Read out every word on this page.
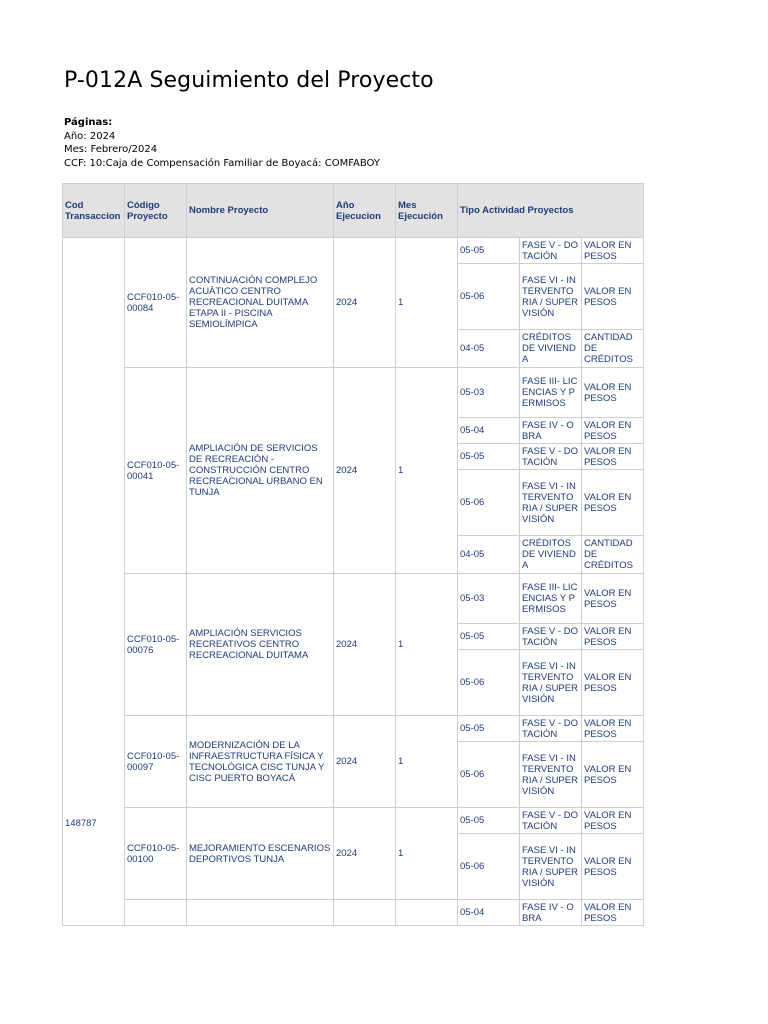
P-012A Seguimiento del Proyecto
Páginas:
Año: 2024
Mes: Febrero/2024
CCF: 10:Caja de Compensación Familiar de Boyacá: COMFABOY
Cod Transaccion	Código Proyecto	Nombre Proyecto	Año Ejecucion	Mes Ejecución	Tipo Actividad Proyectos		
148787	CCF010-05-00084	CONTINUACIÓN COMPLEJO ACUÁTICO CENTRO RECREACIONAL DUITAMA ETAPA II - PISCINA SEMIOLÍMPICA	2024	1	05-05	FASE V - DOTACIÓN	VALOR EN PESOS
					05-06	FASE VI - INTERVENTORIA / SUPERVISIÓN	VALOR EN PESOS
					04-05	CRÉDITOS DE VIVIENDA	CANTIDAD DE CRÉDITOS
	CCF010-05-00041	AMPLIACIÓN DE SERVICIOS DE RECREACIÓN - CONSTRUCCIÓN CENTRO RECREACIONAL URBANO EN TUNJA	2024	1	05-03	FASE III- LICENCIAS Y PERMISOS	VALOR EN PESOS
					05-04	FASE IV - OBRA	VALOR EN PESOS
					05-05	FASE V - DOTACIÓN	VALOR EN PESOS
					05-06	FASE VI - INTERVENTORIA / SUPERVISIÓN	VALOR EN PESOS
					04-05	CRÉDITOS DE VIVIENDA	CANTIDAD DE CRÉDITOS
	CCF010-05-00076	AMPLIACIÓN SERVICIOS RECREATIVOS CENTRO RECREACIONAL DUITAMA	2024	1	05-03	FASE III- LICENCIAS Y PERMISOS	VALOR EN PESOS
					05-05	FASE V - DOTACIÓN	VALOR EN PESOS
					05-06	FASE VI - INTERVENTORIA / SUPERVISIÓN	VALOR EN PESOS
	CCF010-05-00097	MODERNIZACIÓN DE LA INFRAESTRUCTURA FÍSICA Y TECNOLÓGICA CISC TUNJA Y CISC PUERTO BOYACÁ	2024	1	05-05	FASE V - DOTACIÓN	VALOR EN PESOS
					05-06	FASE VI - INTERVENTORIA / SUPERVISIÓN	VALOR EN PESOS
	CCF010-05-00100	MEJORAMIENTO ESCENARIOS DEPORTIVOS TUNJA	2024	1	05-05	FASE V - DOTACIÓN	VALOR EN PESOS
					05-06	FASE VI - INTERVENTORIA / SUPERVISIÓN	VALOR EN PESOS
					05-04	FASE IV - OBRA	VALOR EN PESOS
